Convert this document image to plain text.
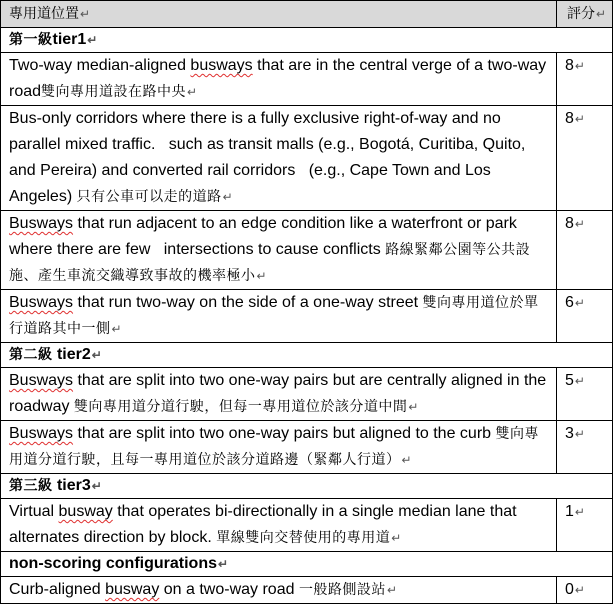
專用道位置↵	評分↵
第一級tier1↵	
Two-way median-aligned busways that are in the central verge of a two-way road雙向專用道設在路中央↵	8↵
Bus-only corridors where there is a fully exclusive right-of-way and no parallel mixed traffic.   such as transit malls (e.g., Bogotá, Curitiba, Quito, and Pereira) and converted rail corridors   (e.g., Cape Town and Los Angeles) 只有公車可以走的道路↵	8↵
Busways that run adjacent to an edge condition like a waterfront or park where there are few   intersections to cause conflicts 路線緊鄰公園等公共設施、產生車流交織導致事故的機率極小↵	8↵
Busways that run two-way on the side of a one-way street 雙向專用道位於單行道路其中一側↵	6↵
第二級 tier2↵	
Busways that are split into two one-way pairs but are centrally aligned in the roadway 雙向專用道分道行駛，但每一專用道位於該分道中間↵	5↵
Busways that are split into two one-way pairs but aligned to the curb 雙向專用道分道行駛，且每一專用道位於該分道路邊（緊鄰人行道）↵	3↵
第三級 tier3↵	
Virtual busway that operates bi-directionally in a single median lane that alternates direction by block. 單線雙向交替使用的專用道↵	1↵
non-scoring configurations↵	
Curb-aligned busway on a two-way road 一般路側設站↵	0↵
